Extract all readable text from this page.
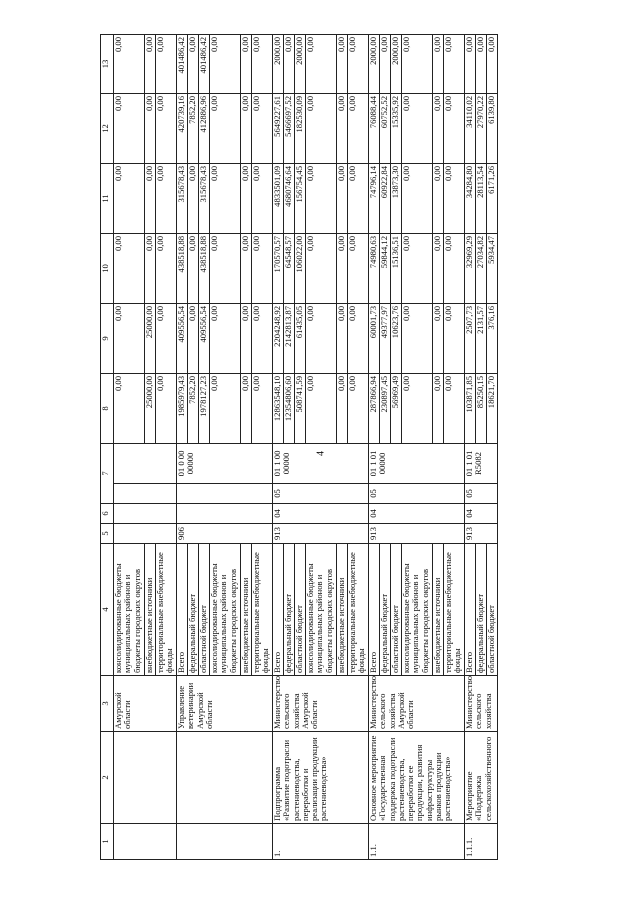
4
1	2	3	4	5	6	7		8	9	10	11	12	13
		Амурской области	консолидированные бюджеты муниципальных районов и бюджеты городских округов					0,00	0,00	0,00	0,00	0,00	0,00
			внебюджетные источники					25000,00	25000,00	0,00	0,00	0,00	0,00
			территориальные внебюджетные фонды					0,00	0,00	0,00	0,00	0,00	0,00
		Управление ветеринарии Амурской области	Всего	906			01 0 00 00000	1985979,43	409556,54	438518,88	315678,43	420739,16	401486,42
			федеральный бюджет					7852,20	0,00	0,00	0,00	7852,20	0,00
			областной бюджет					1978127,23	409556,54	438518,88	315678,43	412886,96	401486,42
			консолидированные бюджеты муниципальных районов и бюджеты городских округов					0,00	0,00	0,00	0,00	0,00	0,00
			внебюджетные источники					0,00	0,00	0,00	0,00	0,00	0,00
			территориальные внебюджетные фонды					0,00	0,00	0,00	0,00	0,00	0,00
1.	Подпрограмма «Развитие подотрасли растениеводства, переработки и реализации продукции растениеводства»	Министерство сельского хозяйства Амурской области	Всего	913	04	05	01 1 00 00000	12863548,10	2204248,92	170570,57	4833501,09	5649227,61	2000,00
			федеральный бюджет					12354806,60	2142813,87	64548,57	4680746,64	5466697,52	0,00
			областной бюджет					508741,59	61435,05	106022,00	156754,45	182530,09	2000,00
			консолидированные бюджеты муниципальных районов и бюджеты городских округов					0,00	0,00	0,00	0,00	0,00	0,00
			внебюджетные источники					0,00	0,00	0,00	0,00	0,00	0,00
			территориальные внебюджетные фонды					0,00	0,00	0,00	0,00	0,00	0,00
1.1.	Основное мероприятие «Государственная поддержка подотрасли растениеводства, переработки ее продукции, развития инфраструктуры рынков продукции растениеводства»	Министерство сельского хозяйства Амурской области	Всего	913	04	05	01 1 01 00000	287866,94	60001,73	74980,63	74796,14	76088,44	2000,00
			федеральный бюджет					230897,45	49377,97	59844,12	60922,84	60752,52	0,00
			областной бюджет					56969,49	10623,76	15136,51	13873,30	15335,92	2000,00
			консолидированные бюджеты муниципальных районов и бюджеты городских округов					0,00	0,00	0,00	0,00	0,00	0,00
			внебюджетные источники					0,00	0,00	0,00	0,00	0,00	0,00
			территориальные внебюджетные фонды					0,00	0,00	0,00	0,00	0,00	0,00
1.1.1.	Мероприятие «Поддержка сельскохозяйственного	Министерство сельского хозяйства	Всего	913	04	05	01 1 01 R5082	103871,85	2507,73	32969,29	34284,80	34110,02	0,00
			федеральный бюджет					85250,15	2131,57	27034,82	28113,54	27970,22	0,00
			областной бюджет					18621,70	376,16	5934,47	6171,26	6139,80	0,00
